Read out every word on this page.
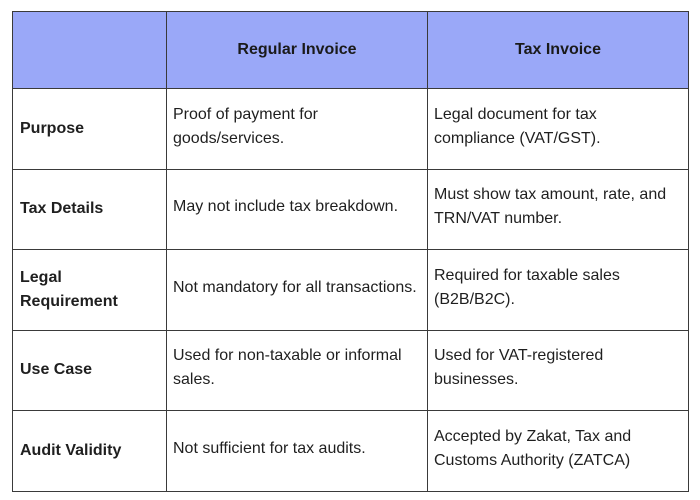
	Regular Invoice	Tax Invoice
Purpose	Proof of payment for goods/services.	Legal document for tax compliance (VAT/GST).
Tax Details	May not include tax breakdown.	Must show tax amount, rate, and TRN/VAT number.
Legal Requirement	Not mandatory for all transactions.	Required for taxable sales (B2B/B2C).
Use Case	Used for non-taxable or informal sales.	Used for VAT-registered businesses.
Audit Validity	Not sufficient for tax audits.	Accepted by Zakat, Tax and Customs Authority (ZATCA)
